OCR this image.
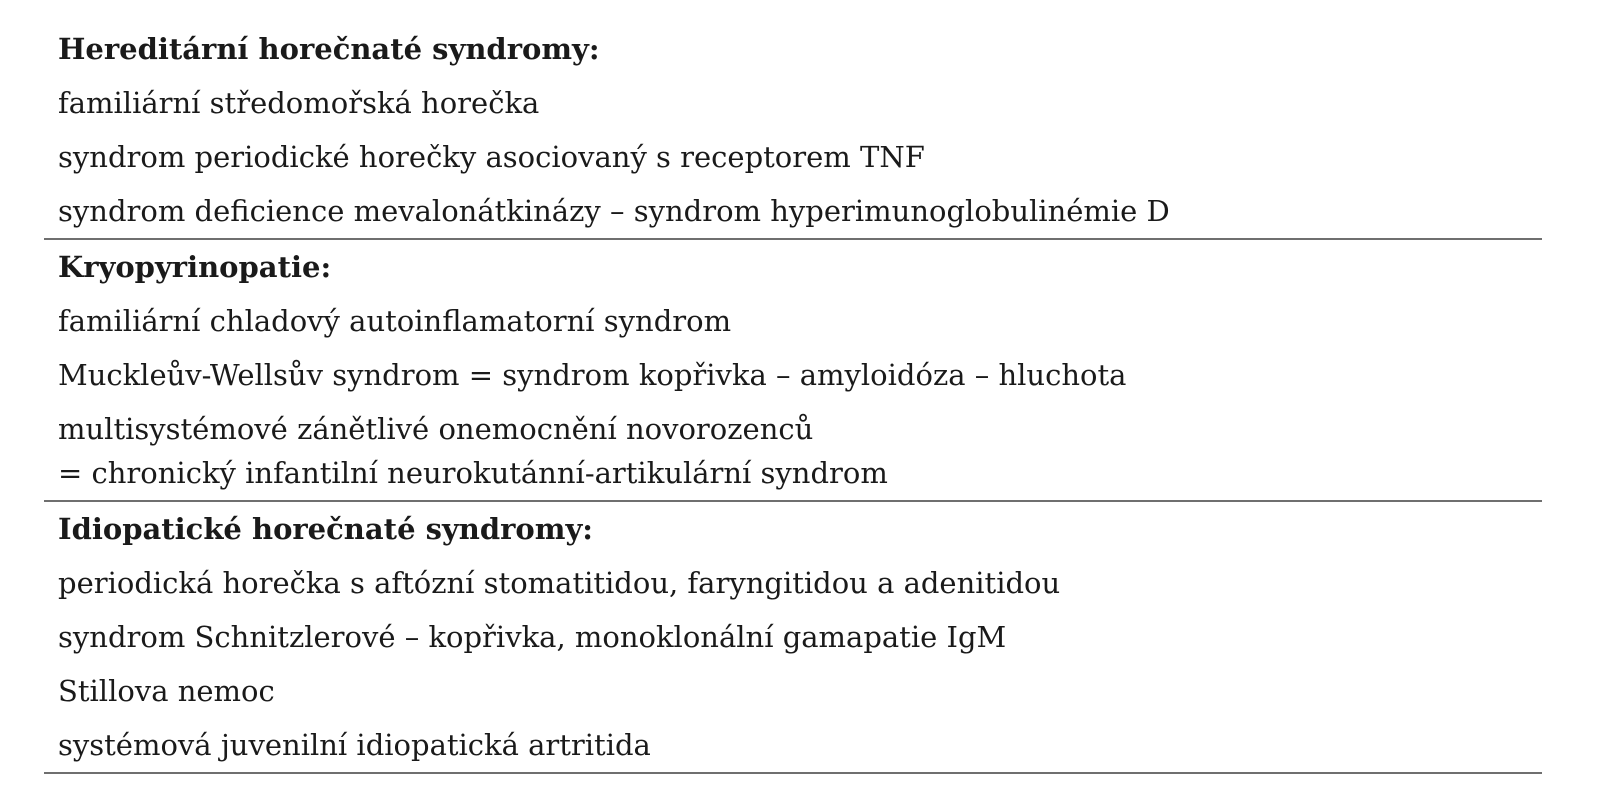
Hereditární horečnaté syndromy:
familiární středomořská horečka
syndrom periodické horečky asociovaný s receptorem TNF
syndrom deficience mevalonátkinázy – syndrom hyperimunoglobulinémie D
Kryopyrinopatie:
familiární chladový autoinflamatorní syndrom
Muckleův-Wellsův syndrom = syndrom kopřivka – amyloidóza – hluchota
multisystémové zánětlivé onemocnění novorozenců
= chronický infantilní neurokutánní-artikulární syndrom
Idiopatické horečnaté syndromy:
periodická horečka s aftózní stomatitidou, faryngitidou a adenitidou
syndrom Schnitzlerové – kopřivka, monoklonální gamapatie IgM
Stillova nemoc
systémová juvenilní idiopatická artritida
